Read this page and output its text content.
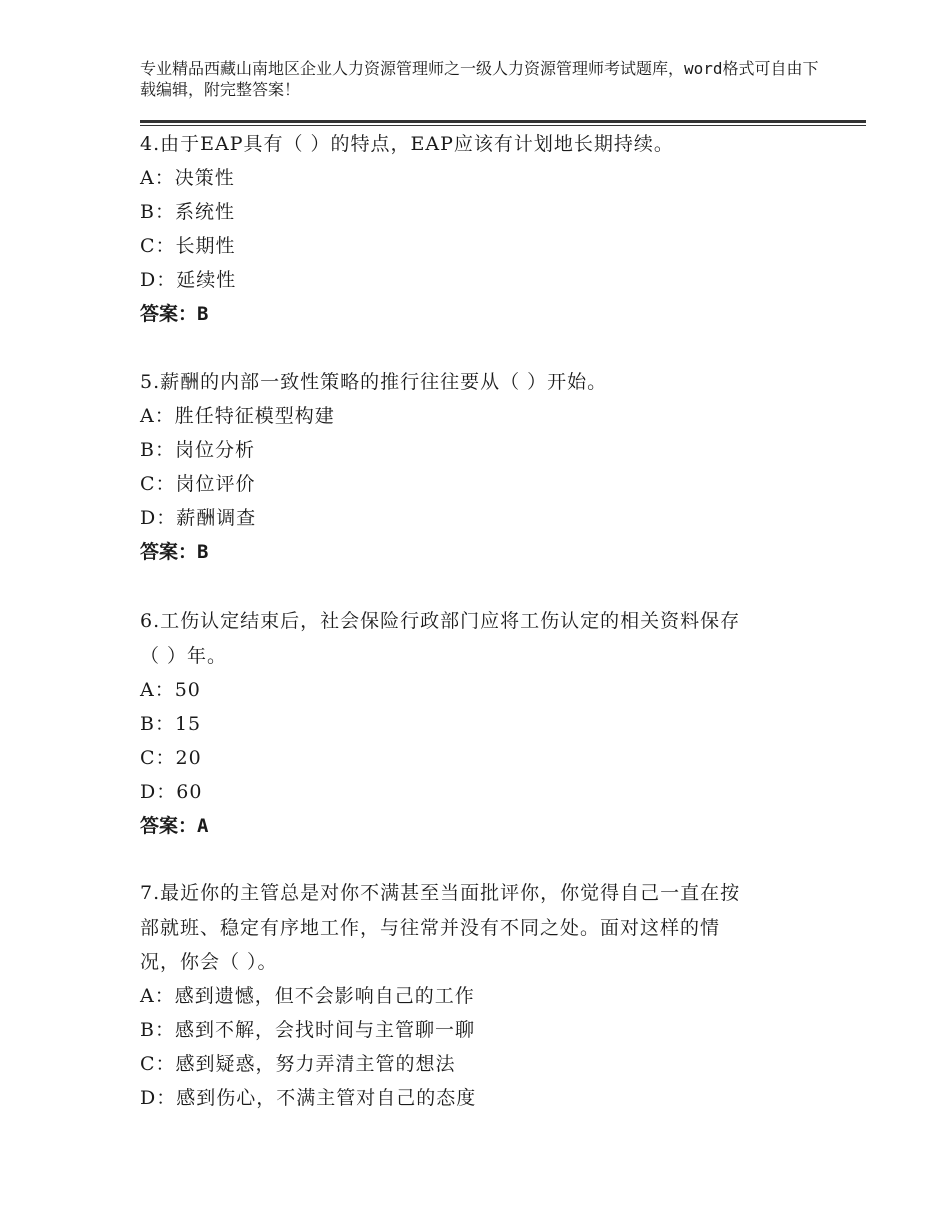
专业精品西藏山南地区企业人力资源管理师之一级人力资源管理师考试题库，word格式可自由下载编辑，附完整答案！
4.由于EAP具有（ ）的特点，EAP应该有计划地长期持续。
A：决策性
B：系统性
C：长期性
D：延续性
答案：B
5.薪酬的内部一致性策略的推行往往要从（ ）开始。
A：胜任特征模型构建
B：岗位分析
C：岗位评价
D：薪酬调查
答案：B
6.工伤认定结束后，社会保险行政部门应将工伤认定的相关资料保存
（ ）年。
A：50
B：15
C：20
D：60
答案：A
7.最近你的主管总是对你不满甚至当面批评你，你觉得自己一直在按
部就班、稳定有序地工作，与往常并没有不同之处。面对这样的情
况，你会（ ）。
A：感到遗憾，但不会影响自己的工作
B：感到不解，会找时间与主管聊一聊
C：感到疑惑，努力弄清主管的想法
D：感到伤心，不满主管对自己的态度
